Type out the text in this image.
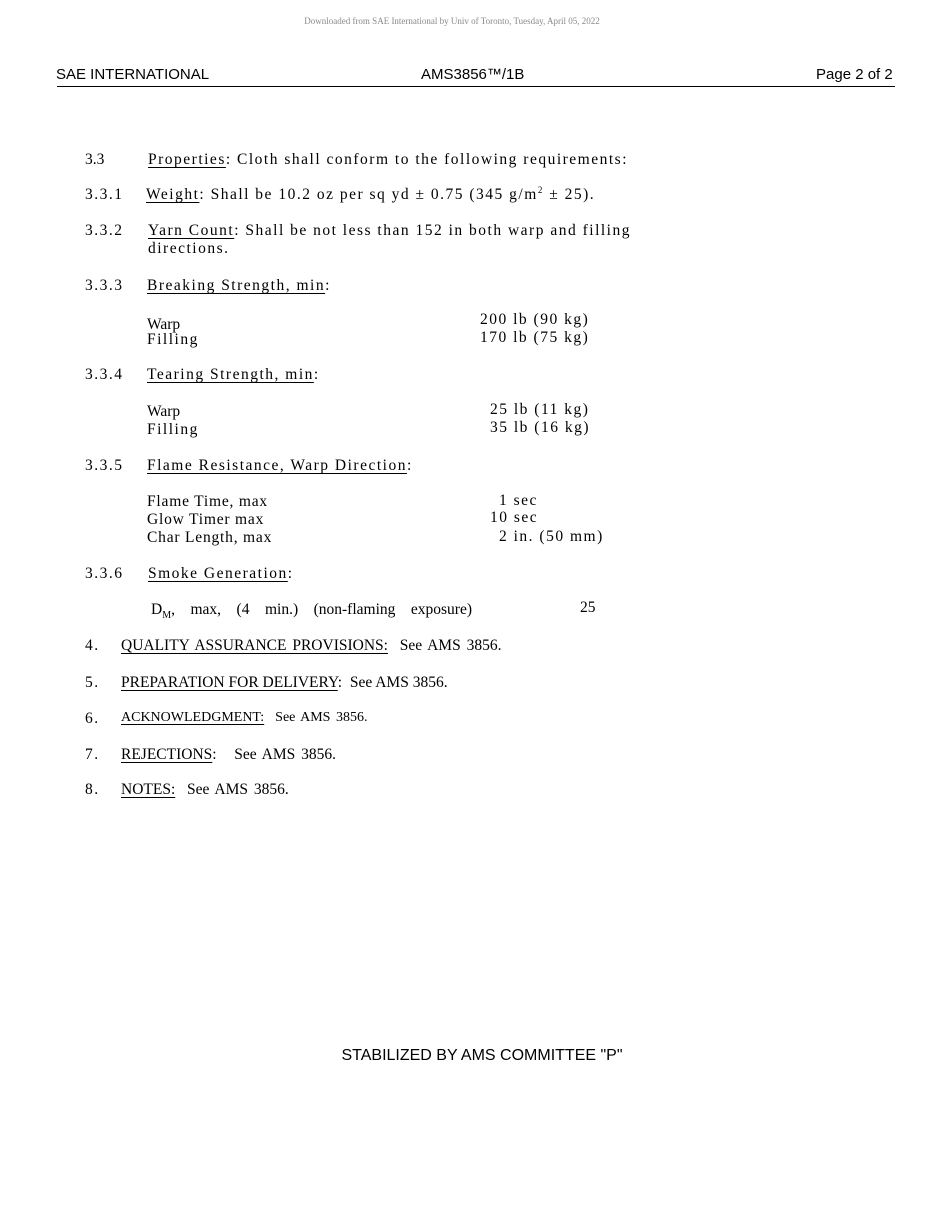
Downloaded from SAE International by Univ of Toronto, Tuesday, April 05, 2022
SAE INTERNATIONAL	AMS3856™/1B	Page 2 of 2
3.3	Properties: Cloth shall conform to the following requirements:
3.3.1 Weight: Shall be 10.2 oz per sq yd ± 0.75 (345 $g/m^2 \pm 25$).
3.3.2 Yarn Count: Shall be not less than 152 in both warp and filling
directions.
3.3.3 Breaking Strength, min:
Warp	200 lb (90 kg)
Filling	170 lb (75 kg)
3.3.4 Tearing Strength, min:
Warp	25 lb (11 kg)
Filling	35 lb (16 kg)
3.3.5 Flame Resistance, Warp Direction:
Flame Time, max	1 sec
Glow Timer max	10 sec
Char Length, max	2 in. (50 mm)
3.3.6 Smoke Generation:
$D_M$,    max,    (4    min.)    (non-flaming    exposure)	25
4. QUALITY ASSURANCE PROVISIONS: See AMS 3856.
5. PREPARATION FOR DELIVERY:  See AMS 3856.
6. ACKNOWLEDGMENT: See AMS 3856.
7. REJECTIONS:   See AMS 3856.
8. NOTES: See AMS 3856.
STABILIZED BY AMS COMMITTEE "P"
